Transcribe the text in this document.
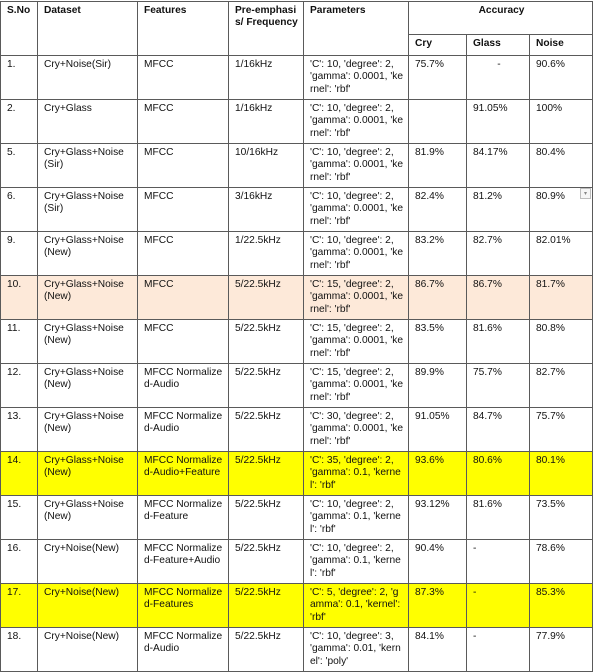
S.No	Dataset	Features	Pre-emphasis/ Frequency	Parameters	Accuracy		
					Cry	Glass	Noise
1.	Cry+Noise(Sir)	MFCC	1/16kHz	'C': 10, 'degree': 2, 'gamma': 0.0001, 'kernel': 'rbf'	75.7%	-	90.6%
2.	Cry+Glass	MFCC	1/16kHz	'C': 10, 'degree': 2, 'gamma': 0.0001, 'kernel': 'rbf'		91.05%	100%
5.	Cry+Glass+Noise(Sir)	MFCC	10/16kHz	'C': 10, 'degree': 2, 'gamma': 0.0001, 'kernel': 'rbf'	81.9%	84.17%	80.4%
6.	Cry+Glass+Noise(Sir)	MFCC	3/16kHz	'C': 10, 'degree': 2, 'gamma': 0.0001, 'kernel': 'rbf'	82.4%	81.2%	80.9%
9.	Cry+Glass+Noise(New)	MFCC	1/22.5kHz	'C': 10, 'degree': 2, 'gamma': 0.0001, 'kernel': 'rbf'	83.2%	82.7%	82.01%
10.	Cry+Glass+Noise(New)	MFCC	5/22.5kHz	'C': 15, 'degree': 2, 'gamma': 0.0001, 'kernel': 'rbf'	86.7%	86.7%	81.7%
11.	Cry+Glass+Noise(New)	MFCC	5/22.5kHz	'C': 15, 'degree': 2, 'gamma': 0.0001, 'kernel': 'rbf'	83.5%	81.6%	80.8%
12.	Cry+Glass+Noise(New)	MFCC Normalized-Audio	5/22.5kHz	'C': 15, 'degree': 2, 'gamma': 0.0001, 'kernel': 'rbf'	89.9%	75.7%	82.7%
13.	Cry+Glass+Noise(New)	MFCC Normalized-Audio	5/22.5kHz	'C': 30, 'degree': 2, 'gamma': 0.0001, 'kernel': 'rbf'	91.05%	84.7%	75.7%
14.	Cry+Glass+Noise(New)	MFCC Normalized-Audio+Feature	5/22.5kHz	'C': 35, 'degree': 2, 'gamma': 0.1, 'kernel': 'rbf'	93.6%	80.6%	80.1%
15.	Cry+Glass+Noise(New)	MFCC Normalized-Feature	5/22.5kHz	'C': 10, 'degree': 2, 'gamma': 0.1, 'kernel': 'rbf'	93.12%	81.6%	73.5%
16.	Cry+Noise(New)	MFCC Normalized-Feature+Audio	5/22.5kHz	'C': 10, 'degree': 2, 'gamma': 0.1, 'kernel': 'rbf'	90.4%	-	78.6%
17.	Cry+Noise(New)	MFCC Normalized-Features	5/22.5kHz	'C': 5, 'degree': 2, 'gamma': 0.1, 'kernel': 'rbf'	87.3%	-	85.3%
18.	Cry+Noise(New)	MFCC Normalized-Audio	5/22.5kHz	'C': 10, 'degree': 3, 'gamma': 0.01, 'kernel': 'poly'	84.1%	-	77.9%
▾
